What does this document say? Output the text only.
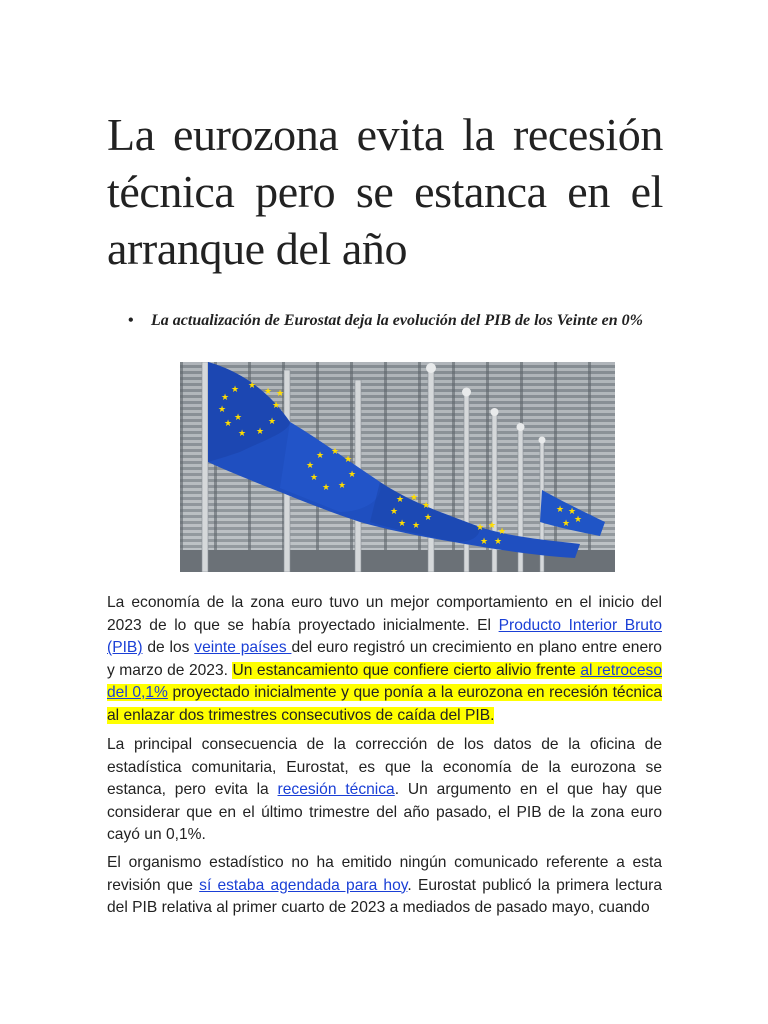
La eurozona evita la recesión técnica pero se estanca en el arranque del año
• La actualización de Eurostat deja la evolución del PIB de los Veinte en 0%
★ ★
★
★
★
★
★
★
★
★	★
★
★ ★
★
★
★
★
★
★
★ ★
★
★
★
★
★
★ ★
★
★
★
★ ★
★
★

La economía de la zona euro tuvo un mejor comportamiento en el inicio del 2023 de lo que se había proyectado inicialmente. El Producto Interior Bruto (PIB) de los veinte países del euro registró un crecimiento en plano entre enero y marzo de 2023. Un estancamiento que confiere cierto alivio frente al retroceso del 0,1% proyectado inicialmente y que ponía a la eurozona en recesión técnica al enlazar dos trimestres consecutivos de caída del PIB.

La principal consecuencia de la corrección de los datos de la oficina de estadística comunitaria, Eurostat, es que la economía de la eurozona se estanca, pero evita la recesión técnica. Un argumento en el que hay que considerar que en el último trimestre del año pasado, el PIB de la zona euro cayó un 0,1%.

El organismo estadístico no ha emitido ningún comunicado referente a esta revisión que sí estaba agendada para hoy. Eurostat publicó la primera lectura del PIB relativa al primer cuarto de 2023 a mediados de pasado mayo, cuando
